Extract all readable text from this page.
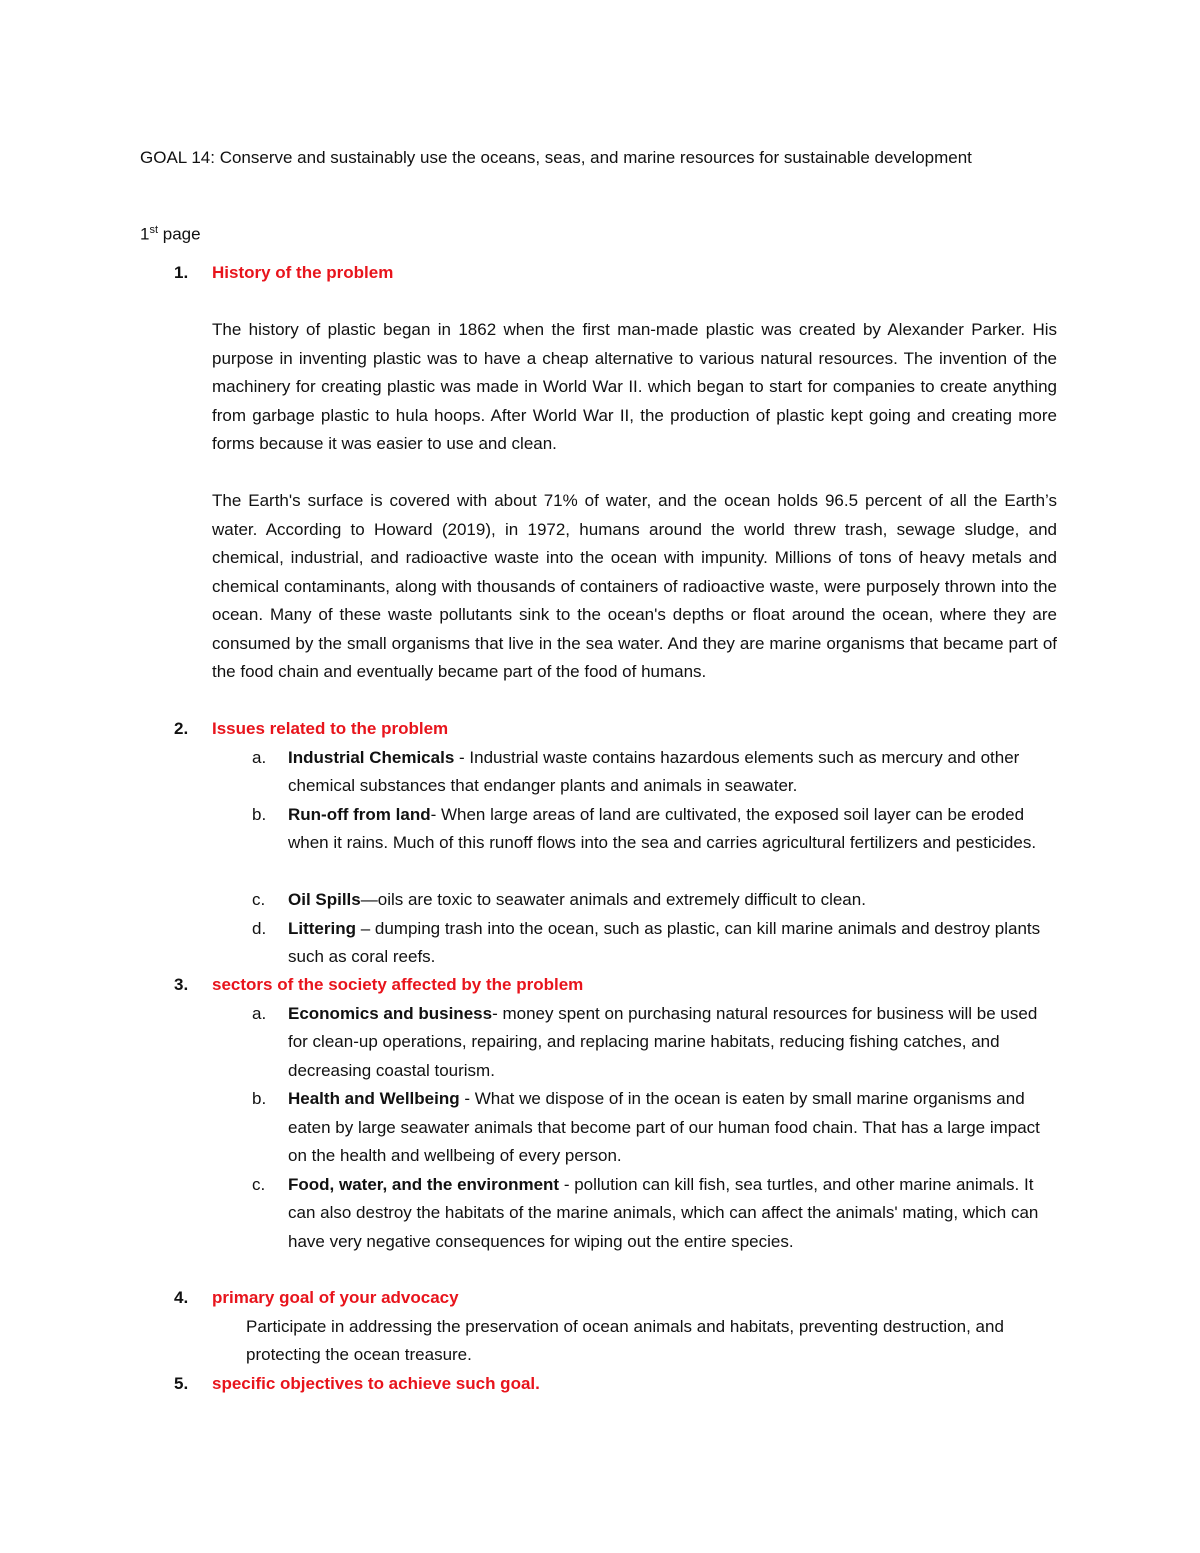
GOAL 14: Conserve and sustainably use the oceans, seas, and marine resources for sustainable development
1st page
1. History of the problem
The history of plastic began in 1862 when the first man-made plastic was created by Alexander Parker. His purpose in inventing plastic was to have a cheap alternative to various natural resources. The invention of the machinery for creating plastic was made in World War II. which began to start for companies to create anything from garbage plastic to hula hoops. After World War II, the production of plastic kept going and creating more forms because it was easier to use and clean.
The Earth's surface is covered with about 71% of water, and the ocean holds 96.5 percent of all the Earth’s water. According to Howard (2019), in 1972, humans around the world threw trash, sewage sludge, and chemical, industrial, and radioactive waste into the ocean with impunity. Millions of tons of heavy metals and chemical contaminants, along with thousands of containers of radioactive waste, were purposely thrown into the ocean. Many of these waste pollutants sink to the ocean's depths or float around the ocean, where they are consumed by the small organisms that live in the sea water. And they are marine organisms that became part of the food chain and eventually became part of the food of humans.
2. Issues related to the problem
a. Industrial Chemicals - Industrial waste contains hazardous elements such as mercury and other chemical substances that endanger plants and animals in seawater.
b. Run-off from land- When large areas of land are cultivated, the exposed soil layer can be eroded when it rains. Much of this runoff flows into the sea and carries agricultural fertilizers and pesticides.
c. Oil Spills—oils are toxic to seawater animals and extremely difficult to clean.
d. Littering – dumping trash into the ocean, such as plastic, can kill marine animals and destroy plants such as coral reefs.
3. sectors of the society affected by the problem
a. Economics and business- money spent on purchasing natural resources for business will be used for clean-up operations, repairing, and replacing marine habitats, reducing fishing catches, and decreasing coastal tourism.
b. Health and Wellbeing - What we dispose of in the ocean is eaten by small marine organisms and eaten by large seawater animals that become part of our human food chain. That has a large impact on the health and wellbeing of every person.
c. Food, water, and the environment - pollution can kill fish, sea turtles, and other marine animals. It can also destroy the habitats of the marine animals, which can affect the animals' mating, which can have very negative consequences for wiping out the entire species.
4. primary goal of your advocacy
Participate in addressing the preservation of ocean animals and habitats, preventing destruction, and protecting the ocean treasure.
5. specific objectives to achieve such goal.
